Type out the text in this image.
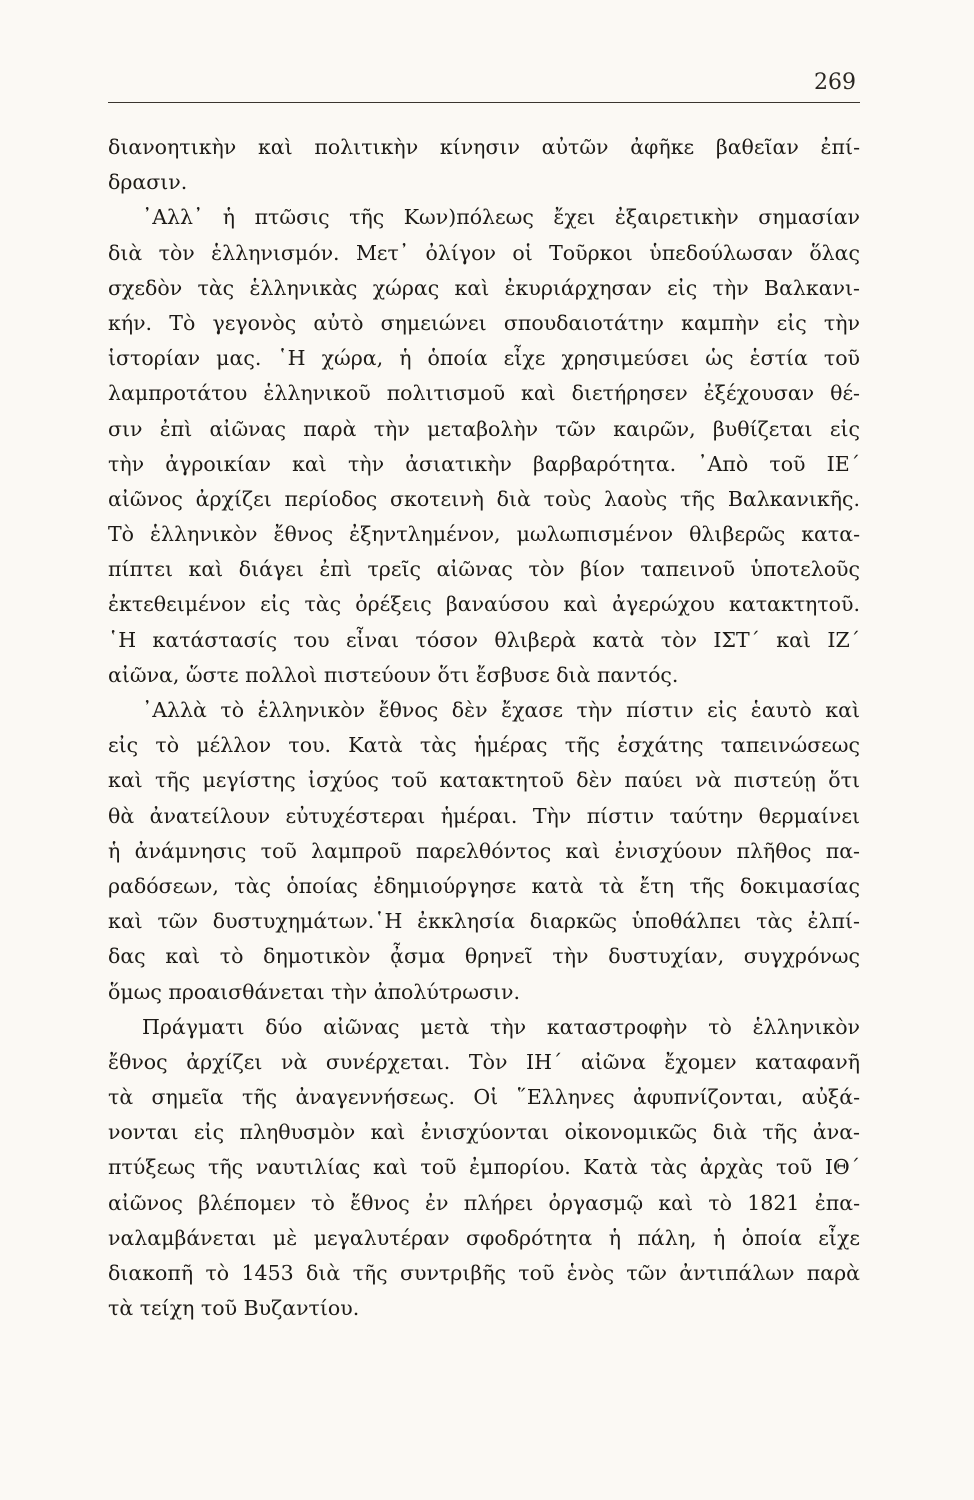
269

διανοητικὴν καὶ πολιτικὴν κίνησιν αὐτῶν ἀφῆκε βαθεῖαν ἐπί-
δρασιν.
᾿Αλλ᾿ ἡ πτῶσις τῆς Κων)πόλεως ἔχει ἐξαιρετικὴν σημασίαν
διὰ τὸν ἑλληνισμόν. Μετ᾿ ὀλίγον οἱ Τοῦρκοι ὑπεδούλωσαν ὅλας
σχεδὸν τὰς ἑλληνικὰς χώρας καὶ ἐκυριάρχησαν εἰς τὴν Βαλκανι-
κήν. Τὸ γεγονὸς αὐτὸ σημειώνει σπουδαιοτάτην καμπὴν εἰς τὴν
ἱστορίαν μας. ῾Η χώρα, ἡ ὁποία εἶχε χρησιμεύσει ὡς ἑστία τοῦ
λαμπροτάτου ἑλληνικοῦ πολιτισμοῦ καὶ διετήρησεν ἐξέχουσαν θέ-
σιν ἐπὶ αἰῶνας παρὰ τὴν μεταβολὴν τῶν καιρῶν, βυθίζεται εἰς
τὴν ἀγροικίαν καὶ τὴν ἀσιατικὴν βαρβαρότητα. ᾿Απὸ τοῦ ΙΕ΄
αἰῶνος ἀρχίζει περίοδος σκοτεινὴ διὰ τοὺς λαοὺς τῆς Βαλκανικῆς.
Τὸ ἑλληνικὸν ἔθνος ἐξηντλημένον, μωλωπισμένον θλιβερῶς κατα-
πίπτει καὶ διάγει ἐπὶ τρεῖς αἰῶνας τὸν βίον ταπεινοῦ ὑποτελοῦς
ἐκτεθειμένον εἰς τὰς ὀρέξεις βαναύσου καὶ ἀγερώχου κατακτητοῦ.
῾Η κατάστασίς του εἶναι τόσον θλιβερὰ κατὰ τὸν ΙΣΤ΄ καὶ ΙΖ΄
αἰῶνα, ὥστε πολλοὶ πιστεύουν ὅτι ἔσβυσε διὰ παντός.
᾿Αλλὰ τὸ ἑλληνικὸν ἔθνος δὲν ἔχασε τὴν πίστιν εἰς ἑαυτὸ καὶ
εἰς τὸ μέλλον του. Κατὰ τὰς ἡμέρας τῆς ἐσχάτης ταπεινώσεως
καὶ τῆς μεγίστης ἰσχύος τοῦ κατακτητοῦ δὲν παύει νὰ πιστεύῃ ὅτι
θὰ ἀνατείλουν εὐτυχέστεραι ἡμέραι. Τὴν πίστιν ταύτην θερμαίνει
ἡ ἀνάμνησις τοῦ λαμπροῦ παρελθόντος καὶ ἐνισχύουν πλῆθος πα-
ραδόσεων, τὰς ὁποίας ἐδημιούργησε κατὰ τὰ ἔτη τῆς δοκιμασίας
καὶ τῶν δυστυχημάτων.῾Η ἐκκλησία διαρκῶς ὑποθάλπει τὰς ἐλπί-
δας καὶ τὸ δημοτικὸν ᾆσμα θρηνεῖ τὴν δυστυχίαν, συγχρόνως
ὅμως προαισθάνεται τὴν ἀπολύτρωσιν.
Πράγματι δύο αἰῶνας μετὰ τὴν καταστροφὴν τὸ ἑλληνικὸν
ἔθνος ἀρχίζει νὰ συνέρχεται. Τὸν ΙΗ΄ αἰῶνα ἔχομεν καταφανῆ
τὰ σημεῖα τῆς ἀναγεννήσεως. Οἱ ῞Ελληνες ἀφυπνίζονται, αὐξά-
νονται εἰς πληθυσμὸν καὶ ἐνισχύονται οἰκονομικῶς διὰ τῆς ἀνα-
πτύξεως τῆς ναυτιλίας καὶ τοῦ ἐμπορίου. Κατὰ τὰς ἀρχὰς τοῦ ΙΘ΄
αἰῶνος βλέπομεν τὸ ἔθνος ἐν πλήρει ὀργασμῷ καὶ τὸ 1821 ἐπα-
ναλαμβάνεται μὲ μεγαλυτέραν σφοδρότητα ἡ πάλη, ἡ ὁποία εἶχε
διακοπῆ τὸ 1453 διὰ τῆς συντριβῆς τοῦ ἑνὸς τῶν ἀντιπάλων παρὰ
τὰ τείχη τοῦ Βυζαντίου.
